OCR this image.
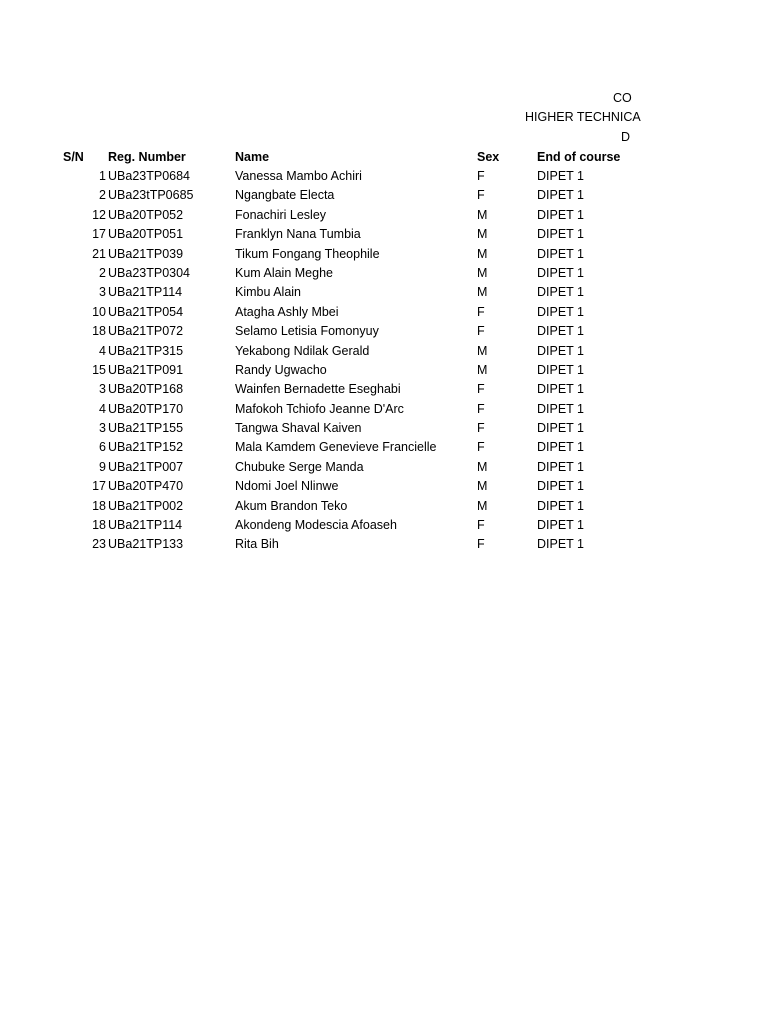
CO
HIGHER TECHNICA
D
S/N Reg. Number	Name	Sex	End of course
1 UBa23TP0684	Vanessa Mambo Achiri	F	DIPET 1
2 UBa23tTP0685	Ngangbate Electa	F	DIPET 1
12 UBa20TP052	Fonachiri Lesley	M	DIPET 1
17 UBa20TP051	Franklyn Nana Tumbia	M	DIPET 1
21 UBa21TP039	Tikum Fongang Theophile	M	DIPET 1
2 UBa23TP0304	Kum Alain Meghe	M	DIPET 1
3 UBa21TP114	Kimbu Alain	M	DIPET 1
10 UBa21TP054	Atagha Ashly Mbei	F	DIPET 1
18 UBa21TP072	Selamo Letisia Fomonyuy	F	DIPET 1
4 UBa21TP315	Yekabong Ndilak Gerald	M	DIPET 1
15 UBa21TP091	Randy Ugwacho	M	DIPET 1
3 UBa20TP168	Wainfen Bernadette Eseghabi	F	DIPET 1
4 UBa20TP170	Mafokoh Tchiofo Jeanne D'Arc	F	DIPET 1
3 UBa21TP155	Tangwa Shaval Kaiven	F	DIPET 1
6 UBa21TP152	Mala Kamdem Genevieve Francielle	F	DIPET 1
9 UBa21TP007	Chubuke Serge Manda	M	DIPET 1
17 UBa20TP470	Ndomi Joel Nlinwe	M	DIPET 1
18 UBa21TP002	Akum Brandon Teko	M	DIPET 1
18 UBa21TP114	Akondeng Modescia Afoaseh	F	DIPET 1
23 UBa21TP133	Rita Bih	F	DIPET 1
